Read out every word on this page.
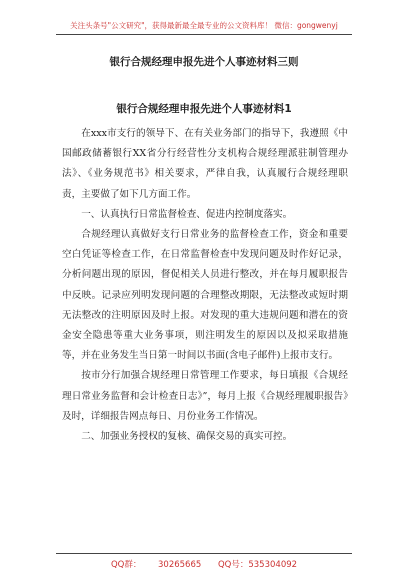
关注头条号"公文研究"，获得最新最全最专业的公文资料库！ 微信：gongwenyj
银行合规经理申报先进个人事迹材料三则
银行合规经理申报先进个人事迹材料1

在xxx市支行的领导下、在有关业务部门的指导下，我遵照《中国邮政储蓄银行XX省分行经营性分支机构合规经理派驻制管理办法》、《业务规范书》相关要求，严律自我，认真履行合规经理职责，主要做了如下几方面工作。

一、认真执行日常监督检查、促进内控制度落实。

合规经理认真做好支行日常业务的监督检查工作，资金和重要空白凭证等检查工作，在日常监督检查中发现问题及时作好记录，分析问题出现的原因，督促相关人员进行整改，并在每月履职报告中反映。记录应列明发现问题的合理整改期限，无法整改或短时期无法整改的注明原因及时上报。对发现的重大违规问题和潜在的资金安全隐患等重大业务事项，则注明发生的原因以及拟采取措施等，并在业务发生当日第一时间以书面(含电子邮件)上报市支行。

按市分行加强合规经理日常管理工作要求，每日填报《合规经理日常业务监督和会计检查日志》”，每月上报《合规经理履职报告》及时，详细报告网点每日、月份业务工作情况。

二、加强业务授权的复核、确保交易的真实可控。

QQ群： 30265665 QQ号：535304092
